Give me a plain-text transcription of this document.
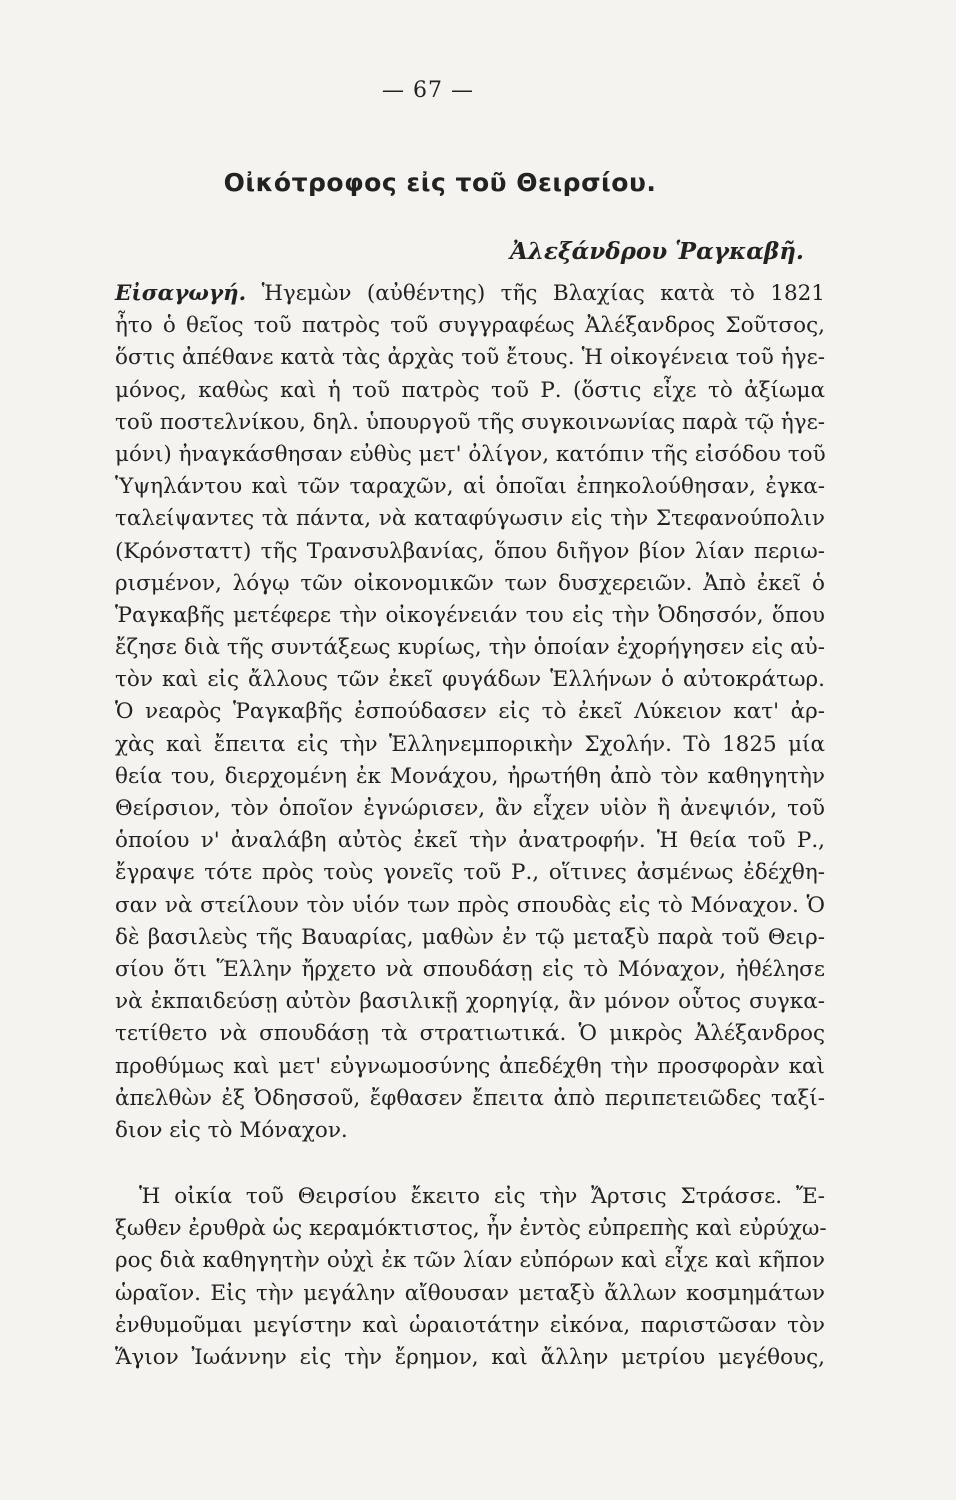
— 67 —
Οἰκότροφος εἰς τοῦ Θειρσίου.
Ἀλεξάνδρου Ῥαγκαβῆ.
Εἰσαγωγή. Ἡγεμὼν (αὐθέντης) τῆς Βλαχίας κατὰ τὸ 1821
ἦτο ὁ θεῖος τοῦ πατρὸς τοῦ συγγραφέως Ἀλέξανδρος Σοῦτσος,
ὅστις ἀπέθανε κατὰ τὰς ἀρχὰς τοῦ ἔτους. Ἡ οἰκογένεια τοῦ ἡγε-
μόνος, καθὼς καὶ ἡ τοῦ πατρὸς τοῦ Ρ. (ὅστις εἶχε τὸ ἀξίωμα
τοῦ ποστελνίκου, δηλ. ὑπουργοῦ τῆς συγκοινωνίας παρὰ τῷ ἡγε-
μόνι) ἠναγκάσθησαν εὐθὺς μετ' ὀλίγον, κατόπιν τῆς εἰσόδου τοῦ
Ὑψηλάντου καὶ τῶν ταραχῶν, αἱ ὁποῖαι ἐπηκολούθησαν, ἐγκα-
ταλείψαντες τὰ πάντα, νὰ καταφύγωσιν εἰς τὴν Στεφανούπολιν
(Κρόνσταττ) τῆς Τρανσυλβανίας, ὅπου διῆγον βίον λίαν περιω-
ρισμένον, λόγῳ τῶν οἰκονομικῶν των δυσχερειῶν. Ἀπὸ ἐκεῖ ὁ
Ῥαγκαβῆς μετέφερε τὴν οἰκογένειάν του εἰς τὴν Ὀδησσόν, ὅπου
ἔζησε διὰ τῆς συντάξεως κυρίως, τὴν ὁποίαν ἐχορήγησεν εἰς αὐ-
τὸν καὶ εἰς ἄλλους τῶν ἐκεῖ φυγάδων Ἑλλήνων ὁ αὐτοκράτωρ.
Ὁ νεαρὸς Ῥαγκαβῆς ἐσπούδασεν εἰς τὸ ἐκεῖ Λύκειον κατ' ἀρ-
χὰς καὶ ἔπειτα εἰς τὴν Ἑλληνεμπορικὴν Σχολήν. Τὸ 1825 μία
θεία του, διερχομένη ἐκ Μονάχου, ἠρωτήθη ἀπὸ τὸν καθηγητὴν
Θείρσιον, τὸν ὁποῖον ἐγνώρισεν, ἂν εἶχεν υἱὸν ἢ ἀνεψιόν, τοῦ
ὁποίου ν' ἀναλάβη αὐτὸς ἐκεῖ τὴν ἀνατροφήν. Ἡ θεία τοῦ Ρ.,
ἔγραψε τότε πρὸς τοὺς γονεῖς τοῦ Ρ., οἵτινες ἀσμένως ἐδέχθη-
σαν νὰ στείλουν τὸν υἱόν των πρὸς σπουδὰς εἰς τὸ Μόναχον. Ὁ
δὲ βασιλεὺς τῆς Βαυαρίας, μαθὼν ἐν τῷ μεταξὺ παρὰ τοῦ Θειρ-
σίου ὅτι Ἕλλην ἤρχετο νὰ σπουδάσῃ εἰς τὸ Μόναχον, ἠθέλησε
νὰ ἐκπαιδεύσῃ αὐτὸν βασιλικῇ χορηγίᾳ, ἂν μόνον οὗτος συγκα-
τετίθετο νὰ σπουδάσῃ τὰ στρατιωτικά. Ὁ μικρὸς Ἀλέξανδρος
προθύμως καὶ μετ' εὐγνωμοσύνης ἀπεδέχθη τὴν προσφορὰν καὶ
ἀπελθὼν ἐξ Ὀδησσοῦ, ἔφθασεν ἔπειτα ἀπὸ περιπετειῶδες ταξί-
διον εἰς τὸ Μόναχον.
Ἡ οἰκία τοῦ Θειρσίου ἔκειτο εἰς τὴν Ἄρτσις Στράσσε. Ἔ-
ξωθεν ἐρυθρὰ ὡς κεραμόκτιστος, ἦν ἐντὸς εὐπρεπὴς καὶ εὐρύχω-
ρος διὰ καθηγητὴν οὐχὶ ἐκ τῶν λίαν εὐπόρων καὶ εἶχε καὶ κῆπον
ὡραῖον. Εἰς τὴν μεγάλην αἴθουσαν μεταξὺ ἄλλων κοσμημάτων
ἐνθυμοῦμαι μεγίστην καὶ ὡραιοτάτην εἰκόνα, παριστῶσαν τὸν
Ἅγιον Ἰωάννην εἰς τὴν ἔρημον, καὶ ἄλλην μετρίου μεγέθους,
